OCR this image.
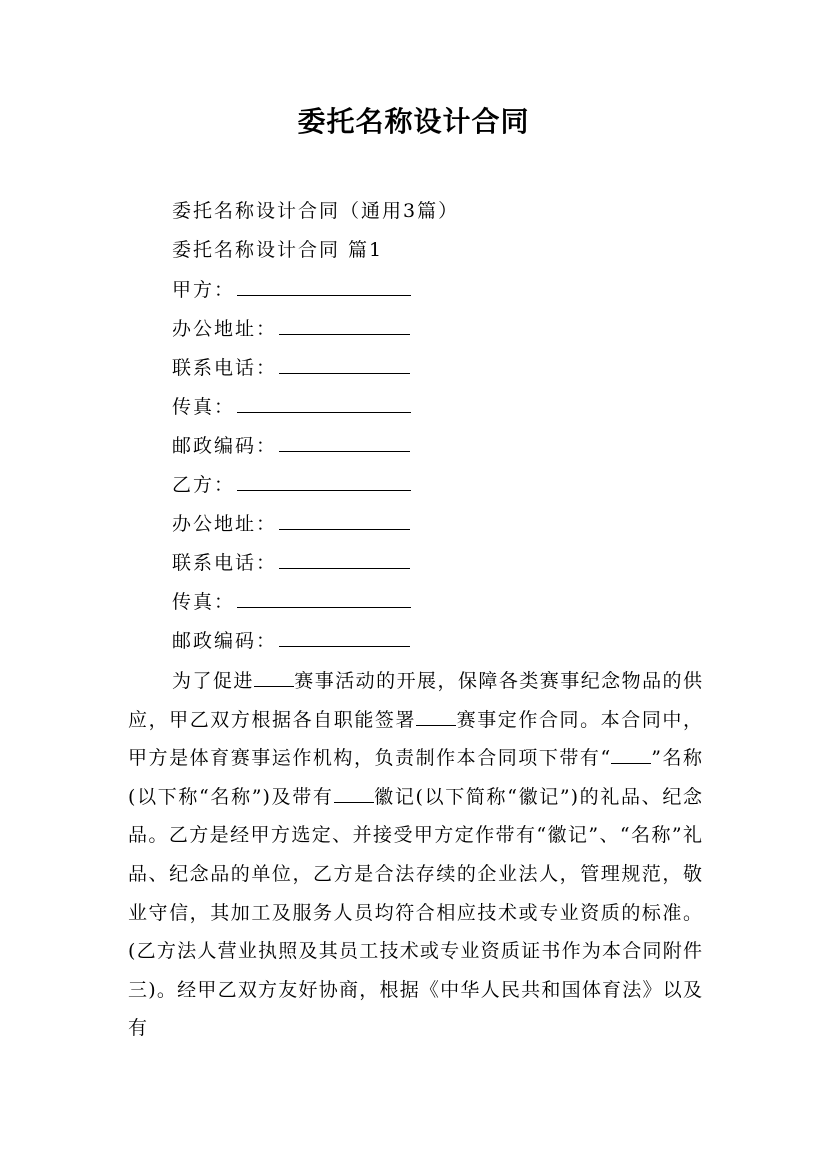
委托名称设计合同
委托名称设计合同（通用3篇）
委托名称设计合同 篇1
甲方：
办公地址：
联系电话：
传真：
邮政编码：
乙方：
办公地址：
联系电话：
传真：
邮政编码：
为了促进 赛事活动的开展，保障各类赛事纪念物品的供应，甲乙双方根据各自职能签署 赛事定作合同。本合同中，甲方是体育赛事运作机构，负责制作本合同项下带有“ ”名称(以下称“名称”)及带有 徽记(以下简称“徽记”)的礼品、纪念品。乙方是经甲方选定、并接受甲方定作带有“徽记”、“名称”礼品、纪念品的单位，乙方是合法存续的企业法人，管理规范，敬业守信，其加工及服务人员均符合相应技术或专业资质的标准。(乙方法人营业执照及其员工技术或专业资质证书作为本合同附件三)。经甲乙双方友好协商，根据《中华人民共和国体育法》以及有
